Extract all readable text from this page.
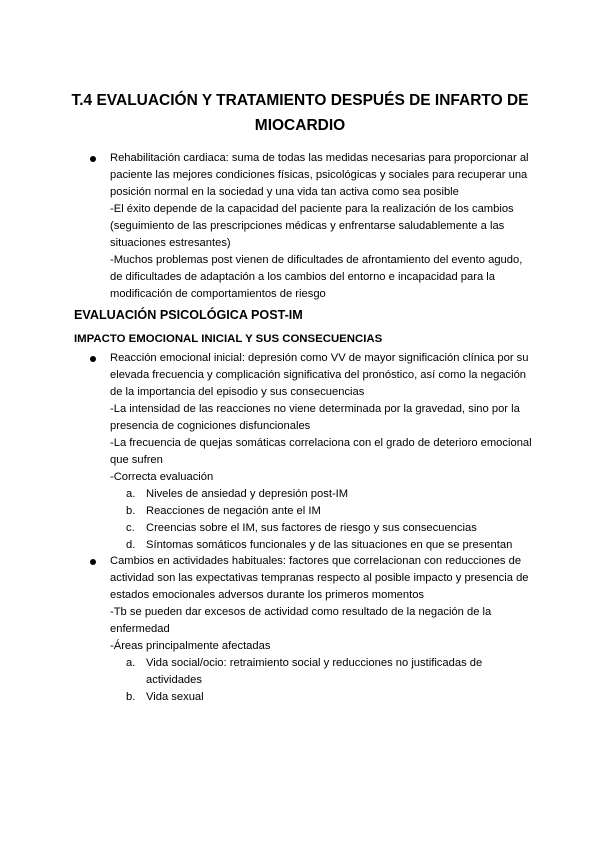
T.4 EVALUACIÓN Y TRATAMIENTO DESPUÉS DE INFARTO DE
MIOCARDIO
Rehabilitación cardiaca: suma de todas las medidas necesarias para proporcionar al
paciente las mejores condiciones físicas, psicológicas y sociales para recuperar una
posición normal en la sociedad y una vida tan activa como sea posible
-El éxito depende de la capacidad del paciente para la realización de los cambios
(seguimiento de las prescripciones médicas y enfrentarse saludablemente a las
situaciones estresantes)
-Muchos problemas post vienen de dificultades de afrontamiento del evento agudo,
de dificultades de adaptación a los cambios del entorno e incapacidad para la
modificación de comportamientos de riesgo
EVALUACIÓN PSICOLÓGICA POST-IM
IMPACTO EMOCIONAL INICIAL Y SUS CONSECUENCIAS
Reacción emocional inicial: depresión como VV de mayor significación clínica por su
elevada frecuencia y complicación significativa del pronóstico, así como la negación
de la importancia del episodio y sus consecuencias
-La intensidad de las reacciones no viene determinada por la gravedad, sino por la
presencia de cogniciones disfuncionales
-La frecuencia de quejas somáticas correlaciona con el grado de deterioro emocional
que sufren
-Correcta evaluación
a. Niveles de ansiedad y depresión post-IM
b. Reacciones de negación ante el IM
c. Creencias sobre el IM, sus factores de riesgo y sus consecuencias
d. Síntomas somáticos funcionales y de las situaciones en que se presentan
Cambios en actividades habituales: factores que correlacionan con reducciones de
actividad son las expectativas tempranas respecto al posible impacto y presencia de
estados emocionales adversos durante los primeros momentos
-Tb se pueden dar excesos de actividad como resultado de la negación de la
enfermedad
-Áreas principalmente afectadas
a. Vida social/ocio: retraimiento social y reducciones no justificadas de
actividades
b. Vida sexual
